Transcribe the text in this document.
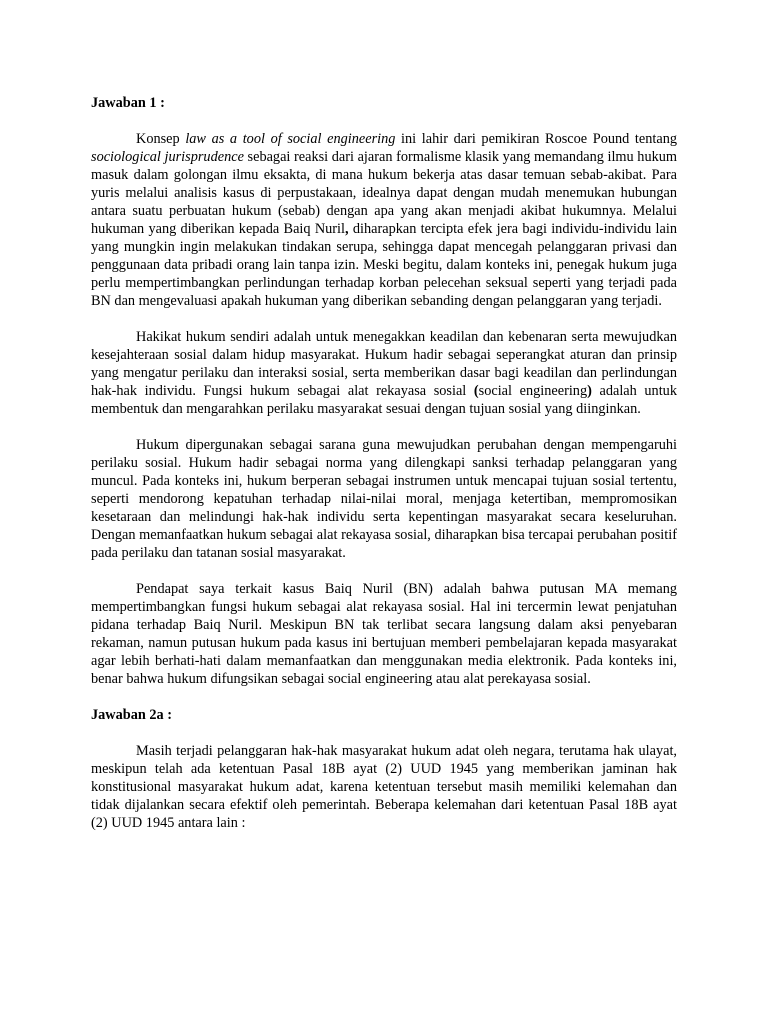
Jawaban 1 :

Konsep law as a tool of social engineering ini lahir dari pemikiran Roscoe Pound tentang sociological jurisprudence sebagai reaksi dari ajaran formalisme klasik yang memandang ilmu hukum masuk dalam golongan ilmu eksakta, di mana hukum bekerja atas dasar temuan sebab-akibat. Para yuris melalui analisis kasus di perpustakaan, idealnya dapat dengan mudah menemukan hubungan antara suatu perbuatan hukum (sebab) dengan apa yang akan menjadi akibat hukumnya. Melalui hukuman yang diberikan kepada Baiq Nuril, diharapkan tercipta efek jera bagi individu-individu lain yang mungkin ingin melakukan tindakan serupa, sehingga dapat mencegah pelanggaran privasi dan penggunaan data pribadi orang lain tanpa izin. Meski begitu, dalam konteks ini, penegak hukum juga perlu mempertimbangkan perlindungan terhadap korban pelecehan seksual seperti yang terjadi pada BN dan mengevaluasi apakah hukuman yang diberikan sebanding dengan pelanggaran yang terjadi.

Hakikat hukum sendiri adalah untuk menegakkan keadilan dan kebenaran serta mewujudkan kesejahteraan sosial dalam hidup masyarakat. Hukum hadir sebagai seperangkat aturan dan prinsip yang mengatur perilaku dan interaksi sosial, serta memberikan dasar bagi keadilan dan perlindungan hak-hak individu. Fungsi hukum sebagai alat rekayasa sosial (social engineering) adalah untuk membentuk dan mengarahkan perilaku masyarakat sesuai dengan tujuan sosial yang diinginkan.

Hukum dipergunakan sebagai sarana guna mewujudkan perubahan dengan mempengaruhi perilaku sosial. Hukum hadir sebagai norma yang dilengkapi sanksi terhadap pelanggaran yang muncul. Pada konteks ini, hukum berperan sebagai instrumen untuk mencapai tujuan sosial tertentu, seperti mendorong kepatuhan terhadap nilai-nilai moral, menjaga ketertiban, mempromosikan kesetaraan dan melindungi hak-hak individu serta kepentingan masyarakat secara keseluruhan. Dengan memanfaatkan hukum sebagai alat rekayasa sosial, diharapkan bisa tercapai perubahan positif pada perilaku dan tatanan sosial masyarakat.

Pendapat saya terkait kasus Baiq Nuril (BN) adalah bahwa putusan MA memang mempertimbangkan fungsi hukum sebagai alat rekayasa sosial. Hal ini tercermin lewat penjatuhan pidana terhadap Baiq Nuril. Meskipun BN tak terlibat secara langsung dalam aksi penyebaran rekaman, namun putusan hukum pada kasus ini bertujuan memberi pembelajaran kepada masyarakat agar lebih berhati-hati dalam memanfaatkan dan menggunakan media elektronik. Pada konteks ini, benar bahwa hukum difungsikan sebagai social engineering atau alat perekayasa sosial.

Jawaban 2a :

Masih terjadi pelanggaran hak-hak masyarakat hukum adat oleh negara, terutama hak ulayat, meskipun telah ada ketentuan Pasal 18B ayat (2) UUD 1945 yang memberikan jaminan hak konstitusional masyarakat hukum adat, karena ketentuan tersebut masih memiliki kelemahan dan tidak dijalankan secara efektif oleh pemerintah. Beberapa kelemahan dari ketentuan Pasal 18B ayat (2) UUD 1945 antara lain :
